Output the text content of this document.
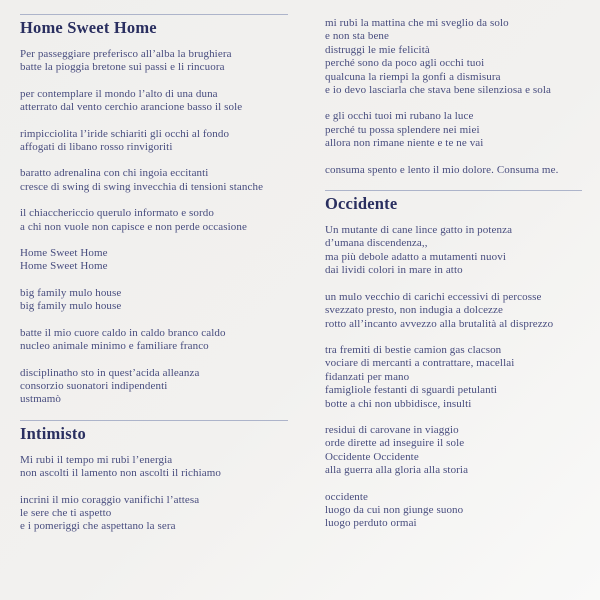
Home Sweet Home

Per passeggiare preferisco all’alba la brughiera
batte la pioggia bretone sui passi e li rincuora

per contemplare il mondo l’alto di una duna
atterrato dal vento cerchio arancione basso il sole

rimpicciolita l’iride schiariti gli occhi al fondo
affogati di libano rosso rinvigoriti

baratto adrenalina con chi ingoia eccitanti
cresce di swing di swing invecchia di tensioni stanche

il chiacchericcio querulo informato e sordo
a chi non vuole non capisce e non perde occasione

Home Sweet Home
Home Sweet Home

big family mulo house
big family mulo house

batte il mio cuore caldo in caldo branco caldo
nucleo animale minimo e familiare franco

disciplinatho sto in quest’acida alleanza
consorzio suonatori indipendenti
ustmamò

Intimisto

Mi rubi il tempo mi rubi l’energia
non ascolti il lamento non ascolti il richiamo

incrini il mio coraggio vanifichi l’attesa
le sere che ti aspetto
e i pomeriggi che aspettano la sera

mi rubi la mattina che mi sveglio da solo
e non sta bene
distruggi le mie felicità
perché sono da poco agli occhi tuoi
qualcuna la riempi la gonfi a dismisura
e io devo lasciarla che stava bene silenziosa e sola

e gli occhi tuoi mi rubano la luce
perché tu possa splendere nei miei
allora non rimane niente e te ne vai

consuma spento e lento il mio dolore. Consuma me.

Occidente

Un mutante di cane lince gatto in potenza
d’umana discendenza,,
ma più debole adatto a mutamenti nuovi
dai lividi colori in mare in atto

un mulo vecchio di carichi eccessivi di percosse
svezzato presto, non indugia a dolcezze
rotto all’incanto avvezzo alla brutalità al disprezzo

tra fremiti di bestie camion gas clacson
vociare di mercanti a contrattare, macellai
fidanzati per mano
famigliole festanti di sguardi petulanti
botte a chi non ubbidisce, insulti

residui di carovane in viaggio
orde dirette ad inseguire il sole
Occidente Occidente
alla guerra alla gloria alla storia

occidente
luogo da cui non giunge suono
luogo perduto ormai
